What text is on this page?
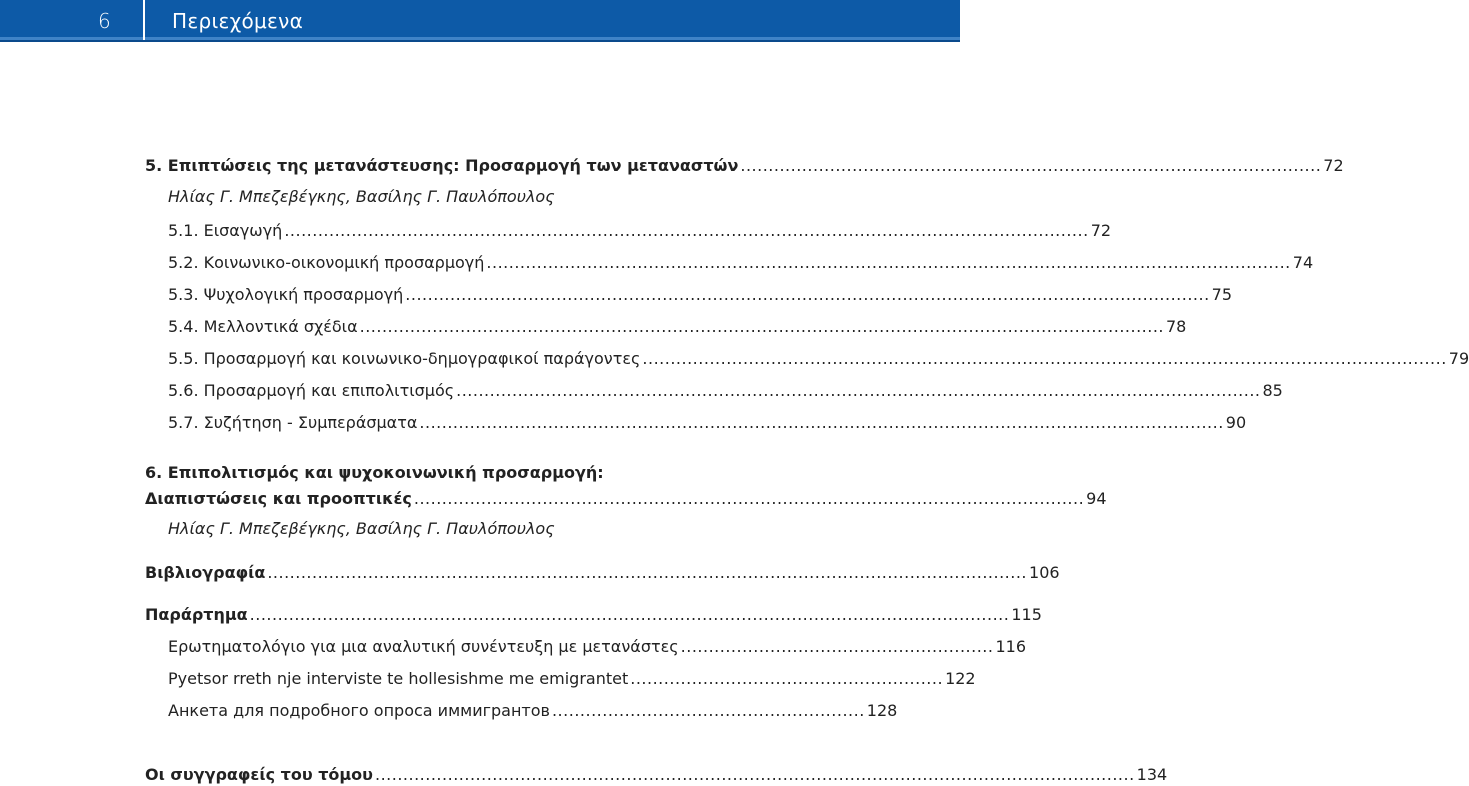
6	Περιεχόμενα
5. Επιπτώσεις της μετανάστευσης: Προσαρμογή των μεταναστών ........................................................................................................ 72
Ηλίας Γ. Μπεζεβέγκης, Βασίλης Γ. Παυλόπουλος
5.1. Εισαγωγή ................................................................................................................................................ 72
5.2. Κοινωνικο-οικονομική προσαρμογή ................................................................................................................................................ 74
5.3. Ψυχολογική προσαρμογή ................................................................................................................................................ 75
5.4. Μελλοντικά σχέδια ................................................................................................................................................ 78
5.5. Προσαρμογή και κοινωνικο-δημογραφικοί παράγοντες ................................................................................................................................................ 79
5.6. Προσαρμογή και επιπολιτισμός ................................................................................................................................................ 85
5.7. Συζήτηση - Συμπεράσματα ................................................................................................................................................ 90
6. Επιπολιτισμός και ψυχοκοινωνική προσαρμογή:
Διαπιστώσεις και προοπτικές ........................................................................................................................ 94
Ηλίας Γ. Μπεζεβέγκης, Βασίλης Γ. Παυλόπουλος
Βιβλιογραφία ........................................................................................................................................ 106
Παράρτημα ........................................................................................................................................ 115
Ερωτηματολόγιο για μια αναλυτική συνέντευξη με μετανάστες ........................................................ 116
Pyetsor rreth nje interviste te hollesishme me emigrantet ........................................................ 122
Анкета для подробного опроса иммигрантов ........................................................ 128
Οι συγγραφείς του τόμου ........................................................................................................................................ 134
